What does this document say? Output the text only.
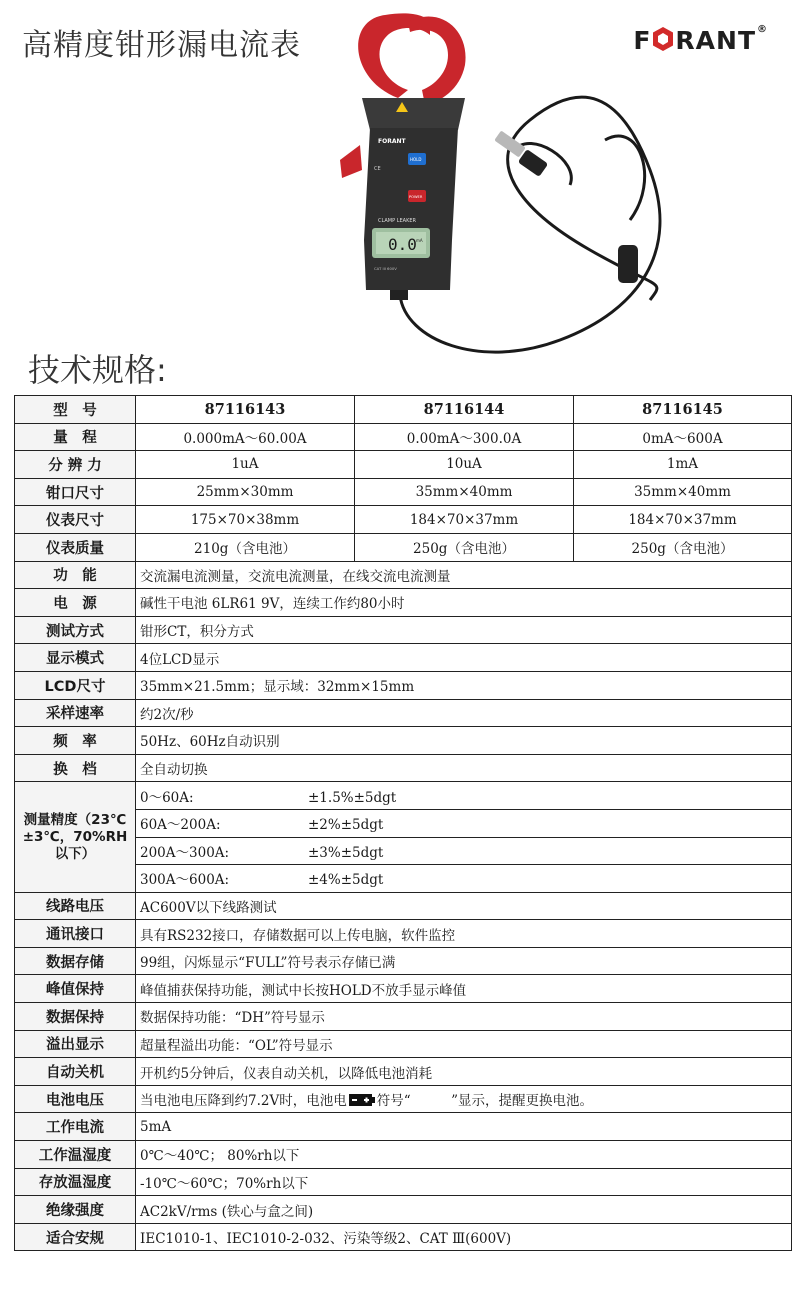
高精度钳形漏电流表	F RANT ®
FORANT
HOLD
POWER
CE
CLAMP LEAKER
0.0 mA
CAT III 600V
技术规格:
型　号	87116143	87116144	87116145
量　程	0.000mA～60.00A	0.00mA～300.0A	0mA～600A
分 辨 力	1uA	10uA	1mA
钳口尺寸	25mm×30mm	35mm×40mm	35mm×40mm
仪表尺寸	175×70×38mm	184×70×37mm	184×70×37mm
仪表质量	210g（含电池）	250g（含电池）	250g（含电池）
功　能	交流漏电流测量，交流电流测量，在线交流电流测量		
电　源	碱性干电池 6LR61 9V，连续工作约80小时		
测试方式	钳形CT，积分方式		
显示模式	4位LCD显示		
LCD尺寸	35mm×21.5mm；显示域：32mm×15mm		
采样速率	约2次/秒		
频　率	50Hz、60Hz自动识别		
换　档	全自动切换		
测量精度（23℃±3℃，70%RH以下）	0～60A: ±1.5%±5dgt		
	60A～200A: ±2%±5dgt		
	200A～300A: ±3%±5dgt		
	300A～600A: ±4%±5dgt		
线路电压	AC600V以下线路测试		
通讯接口	具有RS232接口，存储数据可以上传电脑，软件监控		
数据存储	99组，闪烁显示“FULL”符号表示存储已满		
峰值保持	峰值捕获保持功能，测试中长按HOLD不放手显示峰值		
数据保持	数据保持功能：“DH”符号显示		
溢出显示	超量程溢出功能：“OL”符号显示		
自动关机	开机约5分钟后，仪表自动关机，以降低电池消耗		
电池电压	当电池电压降到约7.2V时，电池电 符号“　　　”显示，提醒更换电池。		
工作电流	5mA		
工作温湿度	0℃～40℃； 80%rh以下		
存放温湿度	-10℃～60℃；70%rh以下		
绝缘强度	AC2kV/rms (铁心与盒之间)		
适合安规	IEC1010-1、IEC1010-2-032、污染等级2、CAT Ⅲ(600V)		
